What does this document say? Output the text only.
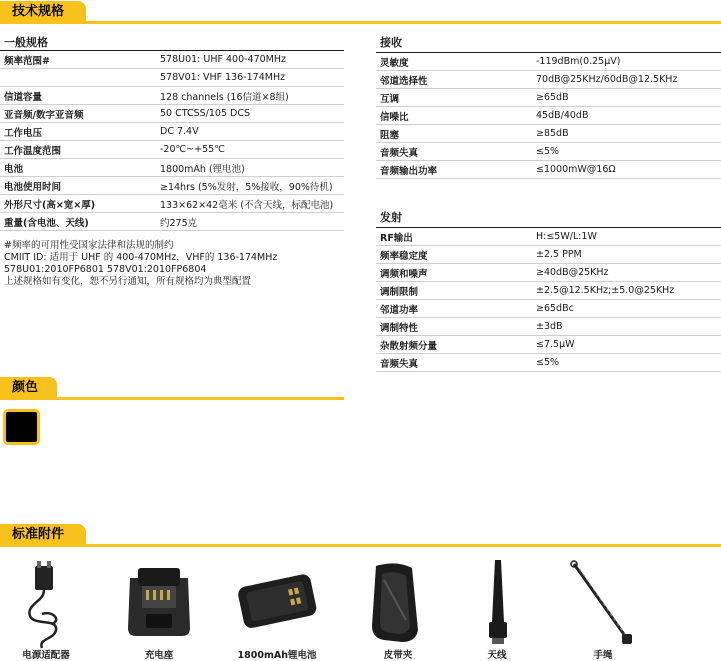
技术规格
一般规格
频率范围#	578U01: UHF 400-470MHz
	578V01: VHF 136-174MHz
信道容量	128 channels (16信道×8组)
亚音频/数字亚音频	50 CTCSS/105 DCS
工作电压	DC 7.4V
工作温度范围	-20℃~+55℃
电池	1800mAh (锂电池)
电池使用时间	≥14hrs (5%发射，5%接收，90%待机)
外形尺寸(高×宽×厚)	133×62×42毫米 (不含天线，标配电池)
重量(含电池、天线)	约275克
#频率的可用性受国家法律和法规的制约
CMIIT ID: 适用于 UHF 的 400-470MHz，VHF的 136-174MHz
578U01:2010FP6801 578V01:2010FP6804
上述规格如有变化，恕不另行通知，所有规格均为典型配置
接收
灵敏度	-119dBm(0.25μV)
邻道选择性	70dB@25KHz/60dB@12.5KHz
互调	≥65dB
信噪比	45dB/40dB
阻塞	≥85dB
音频失真	≤5%
音频输出功率	≤1000mW@16Ω
发射
RF输出	H:≤5W/L:1W
频率稳定度	±2.5 PPM
调频和噪声	≥40dB@25KHz
调制限制	±2.5@12.5KHz;±5.0@25KHz
邻道功率	≥65dBc
调制特性	±3dB
杂散射频分量	≤7.5μW
音频失真	≤5%
颜色
标准附件
电源适配器	充电座	1800mAh锂电池	皮带夹	天线	手绳
